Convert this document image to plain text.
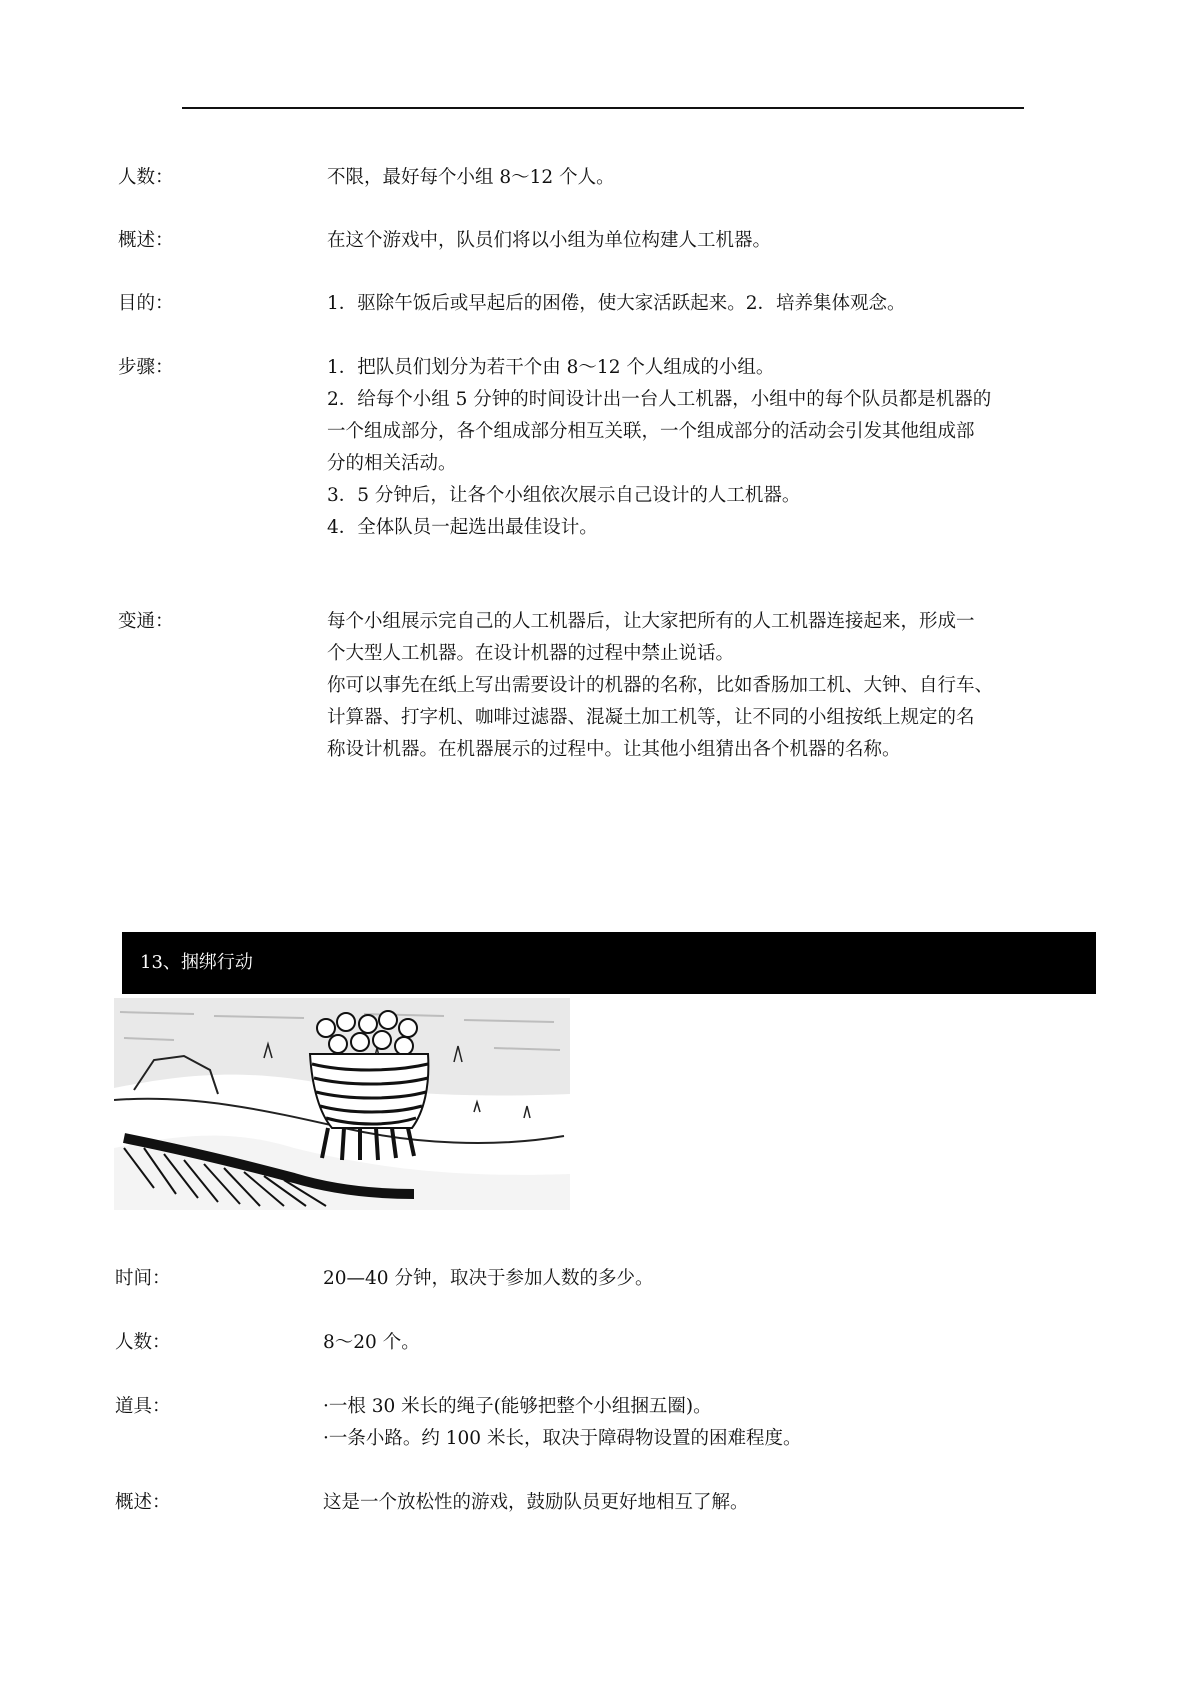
人数：	不限，最好每个小组 8～12 个人。
概述：	在这个游戏中，队员们将以小组为单位构建人工机器。
目的：	1．驱除午饭后或早起后的困倦，使大家活跃起来。2．培养集体观念。
步骤：	1．把队员们划分为若干个由 8～12 个人组成的小组。
2．给每个小组 5 分钟的时间设计出一台人工机器，小组中的每个队员都是机器的
一个组成部分，各个组成部分相互关联，一个组成部分的活动会引发其他组成部
分的相关活动。
3．5 分钟后，让各个小组依次展示自己设计的人工机器。
4．全体队员一起选出最佳设计。
变通：	每个小组展示完自己的人工机器后，让大家把所有的人工机器连接起来，形成一
个大型人工机器。在设计机器的过程中禁止说话。
你可以事先在纸上写出需要设计的机器的名称，比如香肠加工机、大钟、自行车、
计算器、打字机、咖啡过滤器、混凝土加工机等，让不同的小组按纸上规定的名
称设计机器。在机器展示的过程中。让其他小组猜出各个机器的名称。
13、捆绑行动
时间：	20—40 分钟，取决于参加人数的多少。
人数：	8～20 个。
道具：	·一根 30 米长的绳子(能够把整个小组捆五圈)。
·一条小路。约 100 米长，取决于障碍物设置的困难程度。
概述：	这是一个放松性的游戏，鼓励队员更好地相互了解。
